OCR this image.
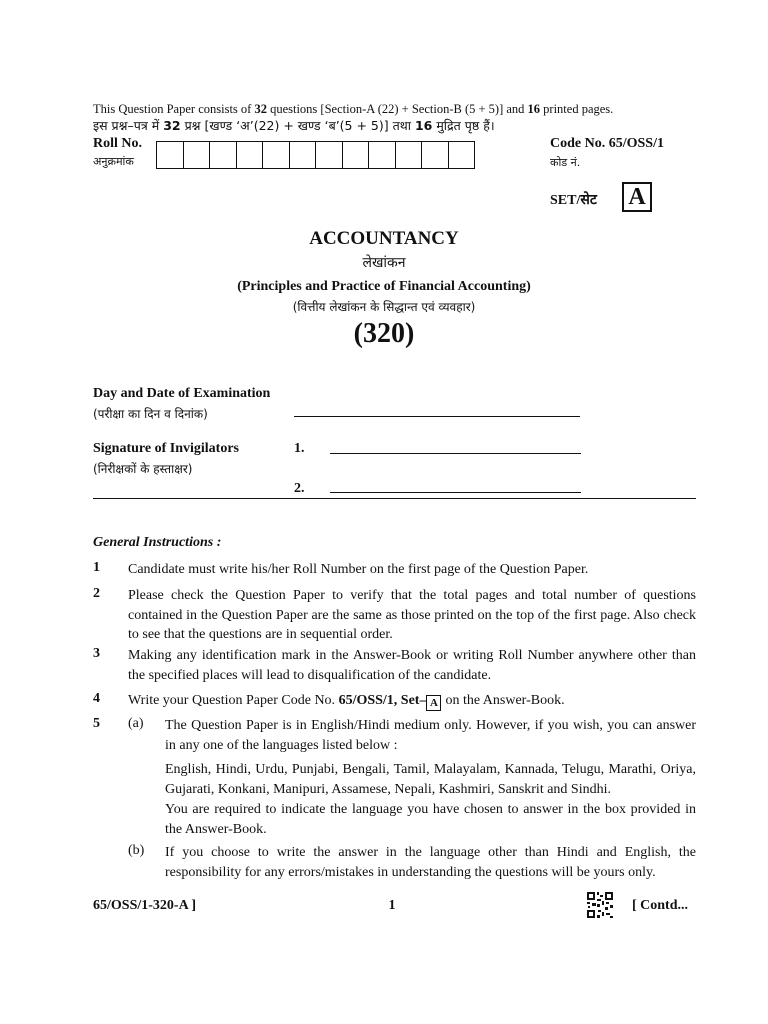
This Question Paper consists of 32 questions [Section-A (22) + Section-B (5 + 5)] and 16 printed pages.
इस प्रश्न–पत्र में 32 प्रश्न [खण्ड ‘अ’(22) + खण्ड ‘ब’(5 + 5)] तथा 16 मुद्रित पृष्ठ हैं।
Roll No.
अनुक्रमांक
Code No. 65/OSS/1
कोड नं.
SET/सेट A
ACCOUNTANCY
लेखांकन
(Principles and Practice of Financial Accounting)
(वित्तीय लेखांकन के सिद्धान्त एवं व्यवहार)
(320)
Day and Date of Examination
(परीक्षा का दिन व दिनांक)
Signature of Invigilators
(निरीक्षकों के हस्ताक्षर)
1.
2.
General Instructions :
1 Candidate must write his/her Roll Number on the first page of the Question Paper.
2 Please check the Question Paper to verify that the total pages and total number of questions contained in the Question Paper are the same as those printed on the top of the first page. Also check to see that the questions are in sequential order.
3 Making any identification mark in the Answer-Book or writing Roll Number anywhere other than the specified places will lead to disqualification of the candidate.
4 Write your Question Paper Code No. 65/OSS/1, Set– A on the Answer-Book.
5 (a) The Question Paper is in English/Hindi medium only. However, if you wish, you can answer in any one of the languages listed below :
English, Hindi, Urdu, Punjabi, Bengali, Tamil, Malayalam, Kannada, Telugu, Marathi, Oriya, Gujarati, Konkani, Manipuri, Assamese, Nepali, Kashmiri, Sanskrit and Sindhi.
You are required to indicate the language you have chosen to answer in the box provided in the Answer-Book.
(b) If you choose to write the answer in the language other than Hindi and English, the responsibility for any errors/mistakes in understanding the questions will be yours only.
65/OSS/1-320-A ]	1	[ Contd...
